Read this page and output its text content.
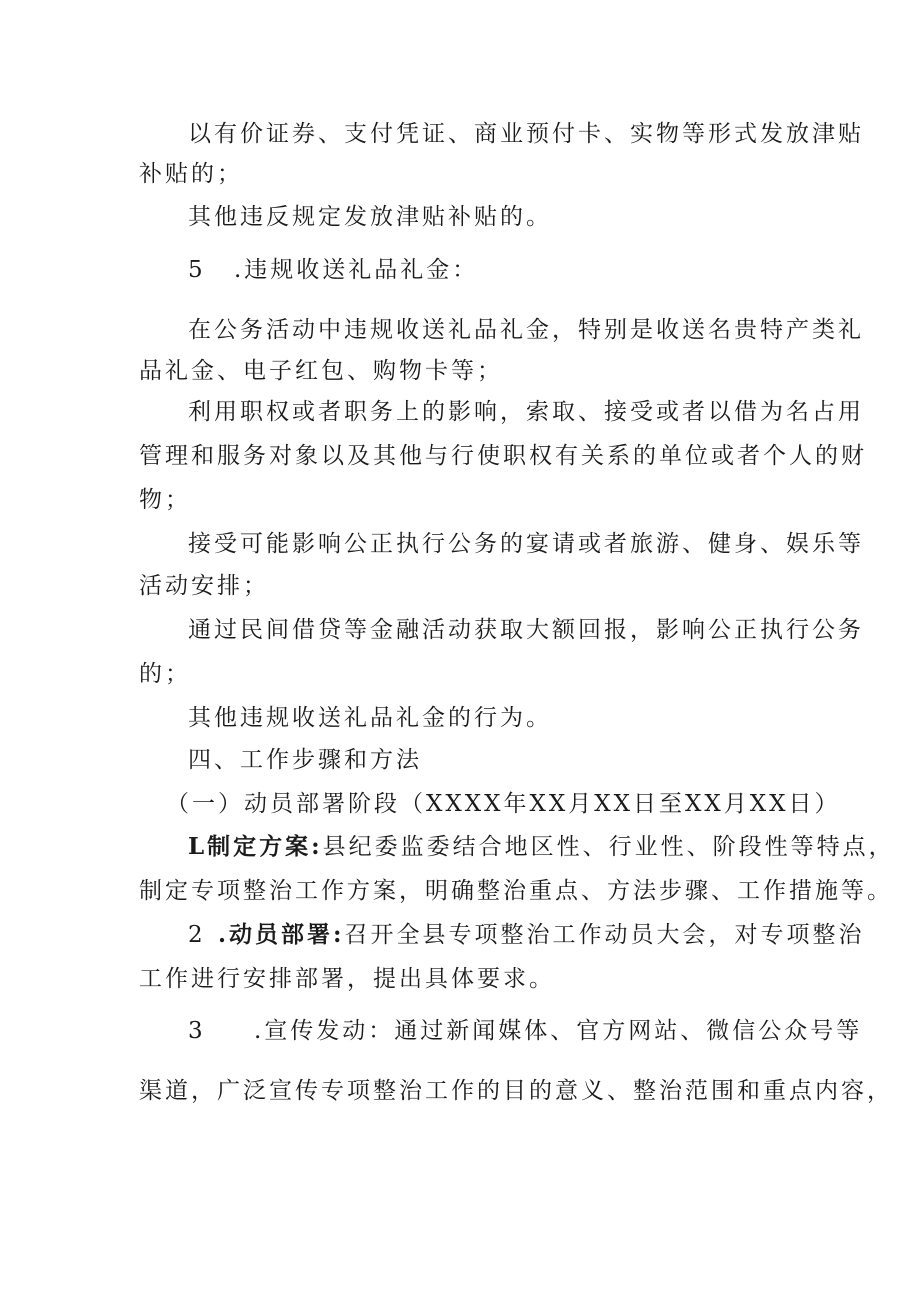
以有价证券、支付凭证、商业预付卡、实物等形式发放津贴
补贴的；
其他违反规定发放津贴补贴的。
5 .违规收送礼品礼金：
在公务活动中违规收送礼品礼金，特别是收送名贵特产类礼
品礼金、电子红包、购物卡等；
利用职权或者职务上的影响，索取、接受或者以借为名占用
管理和服务对象以及其他与行使职权有关系的单位或者个人的财
物；
接受可能影响公正执行公务的宴请或者旅游、健身、娱乐等
活动安排；
通过民间借贷等金融活动获取大额回报，影响公正执行公务
的；
其他违规收送礼品礼金的行为。
四、工作步骤和方法
（一）动员部署阶段（XXXX年XX月XX日至XX月XX日）
L制定方案:县纪委监委结合地区性、行业性、阶段性等特点，
制定专项整治工作方案，明确整治重点、方法步骤、工作措施等。
2 .动员部署:召开全县专项整治工作动员大会，对专项整治
工作进行安排部署，提出具体要求。
3 .宣传发动：通过新闻媒体、官方网站、微信公众号等
渠道，广泛宣传专项整治工作的目的意义、整治范围和重点内容，
